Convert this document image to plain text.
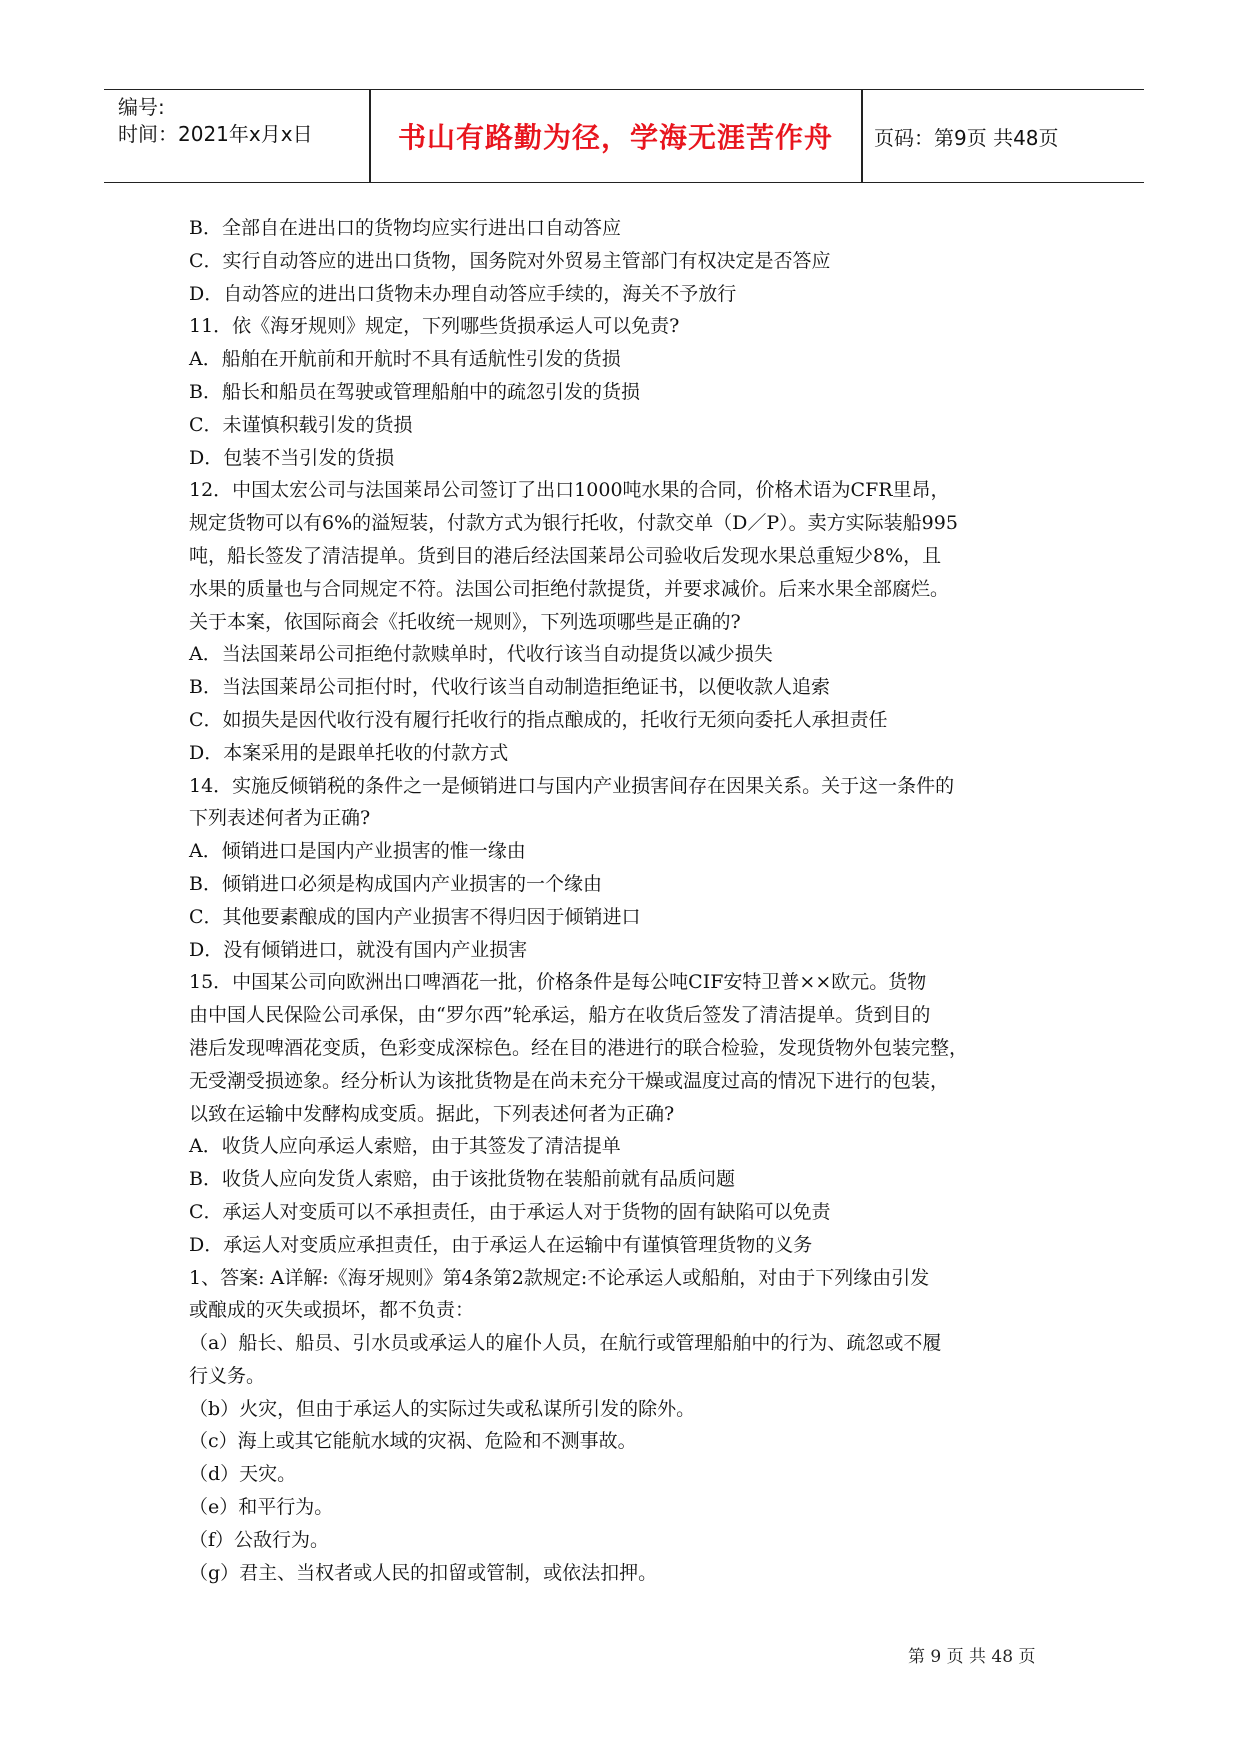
编号:
时间：2021年x月x日	书山有路勤为径，学海无涯苦作舟	页码：第9页 共48页

B．全部自在进出口的货物均应实行进出口自动答应

C．实行自动答应的进出口货物，国务院对外贸易主管部门有权决定是否答应

D．自动答应的进出口货物未办理自动答应手续的，海关不予放行

11．依《海牙规则》规定，下列哪些货损承运人可以免责?

A．船舶在开航前和开航时不具有适航性引发的货损

B．船长和船员在驾驶或管理船舶中的疏忽引发的货损

C．未谨慎积载引发的货损

D．包装不当引发的货损

12．中国太宏公司与法国莱昂公司签订了出口1000吨水果的合同，价格术语为CFR里昂，

规定货物可以有6%的溢短装，付款方式为银行托收，付款交单（D／P）。卖方实际装船995

吨，船长签发了清洁提单。货到目的港后经法国莱昂公司验收后发现水果总重短少8%，且

水果的质量也与合同规定不符。法国公司拒绝付款提货，并要求减价。后来水果全部腐烂。

关于本案，依国际商会《托收统一规则》，下列选项哪些是正确的?

A．当法国莱昂公司拒绝付款赎单时，代收行该当自动提货以减少损失

B．当法国莱昂公司拒付时，代收行该当自动制造拒绝证书，以便收款人追索

C．如损失是因代收行没有履行托收行的指点酿成的，托收行无须向委托人承担责任

D．本案采用的是跟单托收的付款方式

14．实施反倾销税的条件之一是倾销进口与国内产业损害间存在因果关系。关于这一条件的

下列表述何者为正确?

A．倾销进口是国内产业损害的惟一缘由

B．倾销进口必须是构成国内产业损害的一个缘由

C．其他要素酿成的国内产业损害不得归因于倾销进口

D．没有倾销进口，就没有国内产业损害

15．中国某公司向欧洲出口啤酒花一批，价格条件是每公吨CIF安特卫普××欧元。货物

由中国人民保险公司承保，由“罗尔西”轮承运，船方在收货后签发了清洁提单。货到目的

港后发现啤酒花变质，色彩变成深棕色。经在目的港进行的联合检验，发现货物外包装完整，

无受潮受损迹象。经分析认为该批货物是在尚未充分干燥或温度过高的情况下进行的包装，

以致在运输中发酵构成变质。据此，下列表述何者为正确?

A．收货人应向承运人索赔，由于其签发了清洁提单

B．收货人应向发货人索赔，由于该批货物在装船前就有品质问题

C．承运人对变质可以不承担责任，由于承运人对于货物的固有缺陷可以免责

D．承运人对变质应承担责任，由于承运人在运输中有谨慎管理货物的义务

1、答案: A详解:《海牙规则》第4条第2款规定:不论承运人或船舶，对由于下列缘由引发

或酿成的灭失或损坏，都不负责：

（a）船长、船员、引水员或承运人的雇仆人员，在航行或管理船舶中的行为、疏忽或不履

行义务。

（b）火灾，但由于承运人的实际过失或私谋所引发的除外。

（c）海上或其它能航水域的灾祸、危险和不测事故。

（d）天灾。

（e）和平行为。

（f）公敌行为。

（g）君主、当权者或人民的扣留或管制，或依法扣押。

第 9 页 共 48 页
